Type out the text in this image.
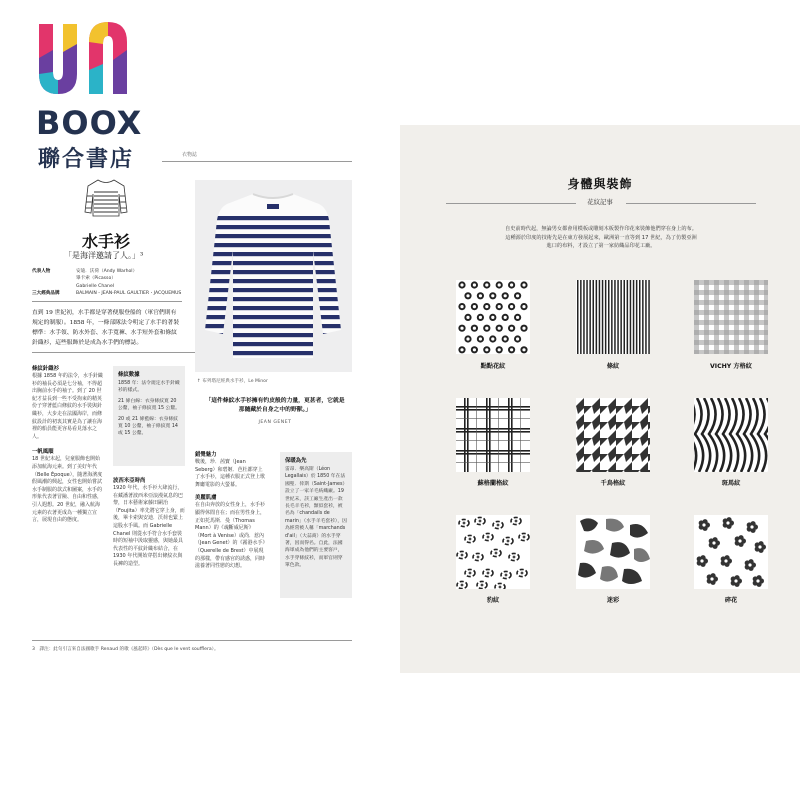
BOOX
聯合書店	衣物誌
水手衫
「是海洋邀請了人。」³
代表人物	安迪．沃荷（Andy Warhol）
畢卡索（Picasso）
Gabrielle Chanel
三大經典品牌	BALMAIN・JEAN-PAUL GAULTIER・JACQUEMUS
直到 19 世紀初，水手都是穿著便服登船的（軍官們則有規定的制服）。1858 年，一條部隊法令明定了水手的著裝標準：水手領、防水外套、水手寬褲、水手短外套和條紋針織衫，這些服飾於是成為水手們的標誌。
↑ 布列塔尼經典水手衫，Le Minor
「這件條紋水手衫擁有钓皮般的力量，更甚者，它就是那隨藏於自身之中的野獸。」
JEAN GENET
條紋針織衫

根據 1858 年的法令，水手針織衫的袖長必須是七分袖，不得超出胸前水手的袖子。到了 20 世紀才益長到一些不受拘束的精英份子穿著藍白條紋的水手裝與針織衫，大步走在法國海岸，而條紋設計的初衷其實是為了讓在海裡的船員能更容易看見落水之人。

一帆風順

18 世紀末起，兒童服飾也開始添加航海元素。到了美好年代（Belle Époque），隨著海濱度假風潮的興起，女性也開始嘗試水手制服的款式和圖案，水手的形象代表著冒險、自由和性感，引人遐想。20 世紀，融入航海元素的衣著更成為一種獨立宣言，展現自由的態度。

條紋數據

1858 年：法令規定水手針織衫的樣式。

21 條白線：衣身條紋寬 20 公釐，袖子條紋寬 15 公釐。

20 或 21 條藍線：衣身條紋寬 10 公釐，袖子條紋寬 14 或 15 公釐。

波西米亞時尚

1920 年代，水手衫大肆流行，在藏潘著波西米亞浪漫氣息的巴黎，日本藝術家藤田嗣治（Foujita）率先將它穿上身，而後，畢卡索與安迪．沃荷也緊上這股水手風。而 Gabrielle Chanel 則從水手符合水手套裝時的短袖中汲取靈感，與她最具代表性的平紋針織布結合，在 1930 年代開始穿搭出條紋衣與長褲的造型。

錯覺魅力

戰後，珍．茜寶（Jean Seberg）和碧姬．芭杜都穿上了水手衫，這種衣服正式登上歌舞廳電影的大螢幕。

美麗肌膚

在自由奔放的女性身上，水手衫顯得休閒自在；而在男性身上，正如托馬斯．曼（Thomas Mann）的《魂斷威尼斯》（Mort à Venise）或尚．惹內（Jean Genet）的《霧港水手》（Querelle de Brest）中展現的那樣，帶有感官的誘惑，同時滋養著同性戀的幻想。

保暖為先

雷昂．樂高斯（Léon Legallais）於 1850 年在法國聖．倖斯（Saint-James）設立了一家羊毛紡織廠。19 世紀末，該工廠生產出一款長毛羊毛衫，類似套衫，被名為「chandails de marin」（水手羊毛套衫），因為經常被人稱「marchands d'ail」（大蒜商）的水手穿著，因而得名。自此，法國海軍成為他們的主要客戶，水手穿條紋衫，而軍官則穿單色款。

3　譯注：此句引言來自法國歌手 Renaud 的歌《風起時》（Dès que le vent soufflera）。
身體與裝飾
花紋記事
自史前時代起，無論男女都會用模板或雕刻木板製作印花來裝飾他們穿在身上的布。這種源於印度的技術先是在東方發展起來，歐洲第一直等到 17 世紀，為了仿製亞洲進口的布料，才設立了第一家紡織品印花工廠。
點點花紋	條紋	VICHY 方格紋
蘇格蘭格紋	千鳥格紋	斑馬紋
豹紋	迷彩	碎花
